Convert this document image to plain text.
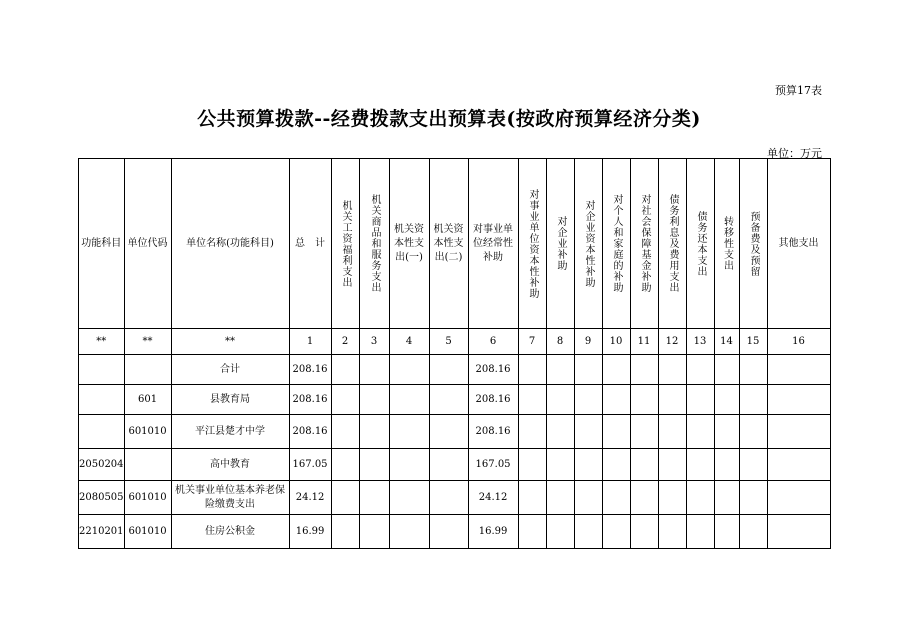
预算17表
公共预算拨款--经费拨款支出预算表(按政府预算经济分类)
单位：万元
功能科目	单位代码	单位名称(功能科目)	总　计	机关工资福利支出	机关商品和服务支出	机关资本性支出(一)	机关资本性支出(二)	对事业单位经常性补助	对事业单位资本性补助	对企业补助	对企业资本性补助	对个人和家庭的补助	对社会保障基金补助	债务利息及费用支出	债务还本支出	转移性支出	预备费及预留	其他支出
**	**	**	1	2	3	4	5	6	7	8	9	10	11	12	13	14	15	16
		合计	208.16					208.16										
	601	县教育局	208.16					208.16										
	601010	平江县楚才中学	208.16					208.16										
2050204		高中教育	167.05					167.05										
2080505	601010	机关事业单位基本养老保险缴费支出	24.12					24.12										
2210201	601010	住房公积金	16.99					16.99										
